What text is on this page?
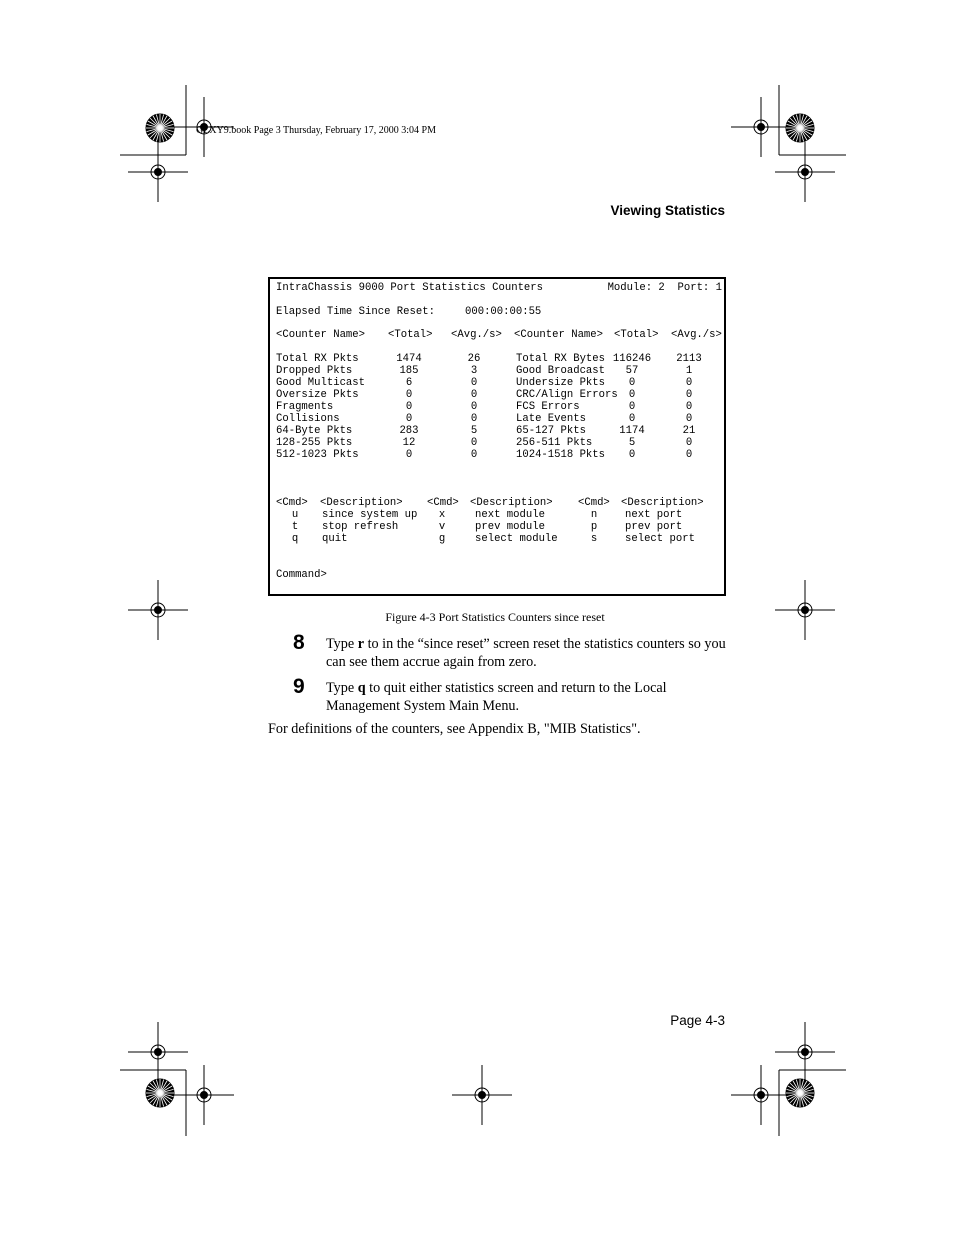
GLXY9.book Page 3 Thursday, February 17, 2000 3:04 PM
Viewing Statistics
IntraChassis 9000 Port Statistics Counters	Module: 2  Port: 1
Elapsed Time Since Reset:	000:00:00:55
<Counter Name> <Total> <Avg./s> <Counter Name> <Total> <Avg./s>
Total RX Pkts	1474	26	Total RX Bytes 116246	2113
Dropped Pkts	185	3	Good Broadcast	57	1
Good Multicast	6	0	Undersize Pkts	0	0
Oversize Pkts	0	0	CRC/Align Errors	0	0
Fragments	0	0	FCS Errors	0	0
Collisions	0	0	Late Events	0	0
64-Byte Pkts	283	5	65-127 Pkts	1174	21
128-255 Pkts	12	0	256-511 Pkts	5	0
512-1023 Pkts	0	0	1024-1518 Pkts	0	0
<Cmd> <Description> <Cmd> <Description> <Cmd> <Description>
u	since system up	x	next module	n	next port
t	stop refresh	v	prev module	p	prev port
q	quit	g	select module	s	select port
Command>
Figure 4-3 Port Statistics Counters since reset
8 Type r to in the “since reset” screen reset the statistics counters so you can see them accrue again from zero.
9 Type q to quit either statistics screen and return to the Local Management System Main Menu.
For definitions of the counters, see Appendix B, "MIB Statistics".
Page 4-3
